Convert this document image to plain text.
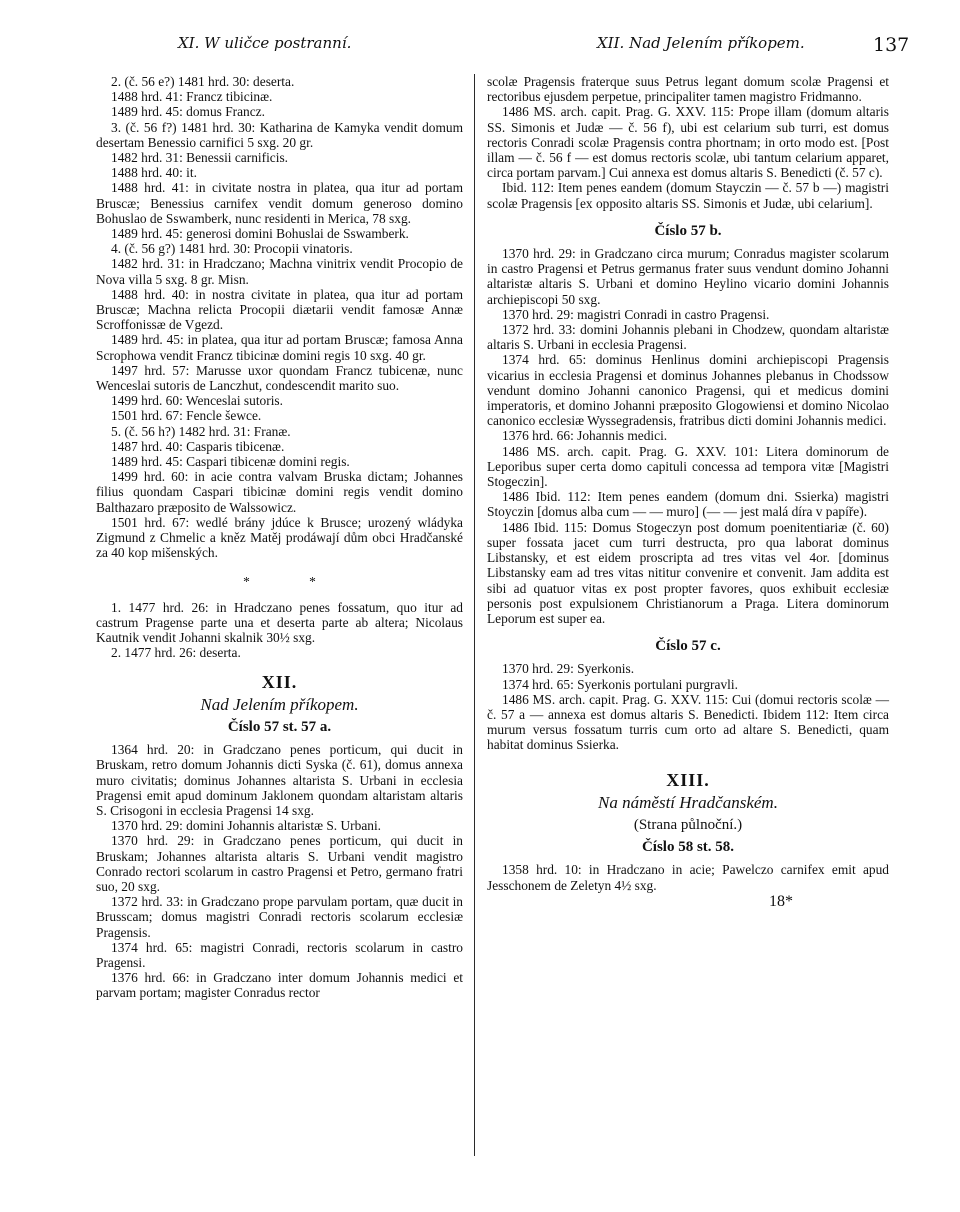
XI. W uličce postranní.	XII. Nad Jelením příkopem.	137

2. (č. 56 e?) 1481 hrd. 30: deserta.

1488 hrd. 41: Francz tibicinæ.

1489 hrd. 45: domus Francz.

3. (č. 56 f?) 1481 hrd. 30: Katharina de Kamyka vendit domum desertam Benessio carnifici 5 sxg. 20 gr.

1482 hrd. 31: Benessii carnificis.

1488 hrd. 40: it.

1488 hrd. 41: in civitate nostra in platea, qua itur ad portam Bruscæ; Benessius carnifex vendit domum generoso domino Bohuslao de Sswamberk, nunc residenti in Merica, 78 sxg.

1489 hrd. 45: generosi domini Bohuslai de Sswamberk.

4. (č. 56 g?) 1481 hrd. 30: Procopii vinatoris.

1482 hrd. 31: in Hradczano; Machna vinitrix vendit Procopio de Nova villa 5 sxg. 8 gr. Misn.

1488 hrd. 40: in nostra civitate in platea, qua itur ad portam Bruscæ; Machna relicta Procopii diætarii vendit famosæ Annæ Scroffonissæ de Vgezd.

1489 hrd. 45: in platea, qua itur ad portam Bruscæ; famosa Anna Scrophowa vendit Francz tibicinæ domini regis 10 sxg. 40 gr.

1497 hrd. 57: Marusse uxor quondam Francz tubicenæ, nunc Wenceslai sutoris de Lanczhut, condescendit marito suo.

1499 hrd. 60: Wenceslai sutoris.

1501 hrd. 67: Fencle šewce.

5. (č. 56 h?) 1482 hrd. 31: Franæ.

1487 hrd. 40: Casparis tibicenæ.

1489 hrd. 45: Caspari tibicenæ domini regis.

1499 hrd. 60: in acie contra valvam Bruska dictam; Johannes filius quondam Caspari tibicinæ domini regis vendit domino Balthazaro præposito de Walssowicz.

1501 hrd. 67: wedlé brány jdúce k Brusce; urozený wládyka Zigmund z Chmelic a kněz Matěj prodáwají dům obci Hradčanské za 40 kop mišenských.

* *

1. 1477 hrd. 26: in Hradczano penes fossatum, quo itur ad castrum Pragense parte una et deserta parte ab altera; Nicolaus Kautnik vendit Johanni skalnik 30½ sxg.

2. 1477 hrd. 26: deserta.

XII.
Nad Jelením příkopem.
Číslo 57 st. 57 a.

1364 hrd. 20: in Gradczano penes porticum, qui ducit in Bruskam, retro domum Johannis dicti Syska (č. 61), domus annexa muro civitatis; dominus Johannes altarista S. Urbani in ecclesia Pragensi emit apud dominum Jaklonem quondam altaristam altaris S. Crisogoni in ecclesia Pragensi 14 sxg.

1370 hrd. 29: domini Johannis altaristæ S. Urbani.

1370 hrd. 29: in Gradczano penes porticum, qui ducit in Bruskam; Johannes altarista altaris S. Urbani vendit magistro Conrado rectori scolarum in castro Pragensi et Petro, germano fratri suo, 20 sxg.

1372 hrd. 33: in Gradczano prope parvulam portam, quæ ducit in Brusscam; domus magistri Conradi rectoris scolarum ecclesiæ Pragensis.

1374 hrd. 65: magistri Conradi, rectoris scolarum in castro Pragensi.

1376 hrd. 66: in Gradczano inter domum Johannis medici et parvam portam; magister Conradus rector

scolæ Pragensis fraterque suus Petrus legant domum scolæ Pragensi et rectoribus ejusdem perpetue, principaliter tamen magistro Fridmanno.

1486 MS. arch. capit. Prag. G. XXV. 115: Prope illam (domum altaris SS. Simonis et Judæ — č. 56 f), ubi est celarium sub turri, est domus rectoris Conradi scolæ Pragensis contra phortnam; in orto modo est. [Post illam — č. 56 f — est domus rectoris scolæ, ubi tantum celarium apparet, circa portam parvam.] Cui annexa est domus altaris S. Benedicti (č. 57 c).

Ibid. 112: Item penes eandem (domum Stayczin — č. 57 b —) magistri scolæ Pragensis [ex opposito altaris SS. Simonis et Judæ, ubi celarium].

Číslo 57 b.

1370 hrd. 29: in Gradczano circa murum; Conradus magister scolarum in castro Pragensi et Petrus germanus frater suus vendunt domino Johanni altaristæ altaris S. Urbani et domino Heylino vicario domini Johannis archiepiscopi 50 sxg.

1370 hrd. 29: magistri Conradi in castro Pragensi.

1372 hrd. 33: domini Johannis plebani in Chodzew, quondam altaristæ altaris S. Urbani in ecclesia Pragensi.

1374 hrd. 65: dominus Henlinus domini archiepiscopi Pragensis vicarius in ecclesia Pragensi et dominus Johannes plebanus in Chodssow vendunt domino Johanni canonico Pragensi, qui et medicus domini imperatoris, et domino Johanni præposito Glogowiensi et domino Nicolao canonico ecclesiæ Wyssegradensis, fratribus dicti domini Johannis medici.

1376 hrd. 66: Johannis medici.

1486 MS. arch. capit. Prag. G. XXV. 101: Litera dominorum de Leporibus super certa domo capituli concessa ad tempora vitæ [Magistri Stogeczin].

1486 Ibid. 112: Item penes eandem (domum dni. Ssierka) magistri Stoyczin [domus alba cum — — muro] (— — jest malá díra v papíře).

1486 Ibid. 115: Domus Stogeczyn post domum poenitentiariæ (č. 60) super fossata jacet cum turri destructa, pro qua laborat dominus Libstansky, et est eidem proscripta ad tres vitas vel 4or. [dominus Libstansky eam ad tres vitas nititur convenire et convenit. Jam addita est sibi ad quatuor vitas ex post propter favores, quos exhibuit ecclesiæ personis post expulsionem Christianorum a Praga. Litera dominorum Leporum est super ea.

Číslo 57 c.

1370 hrd. 29: Syerkonis.

1374 hrd. 65: Syerkonis portulani purgravli.

1486 MS. arch. capit. Prag. G. XXV. 115: Cui (domui rectoris scolæ — č. 57 a — annexa est domus altaris S. Benedicti. Ibidem 112: Item circa murum versus fossatum turris cum orto ad altare S. Benedicti, quam habitat dominus Ssierka.

XIII.
Na náměstí Hradčanském.
(Strana půlnoční.)
Číslo 58 st. 58.

1358 hrd. 10: in Hradczano in acie; Pawelczo carnifex emit apud Jesschonem de Zeletyn 4½ sxg.

18*
